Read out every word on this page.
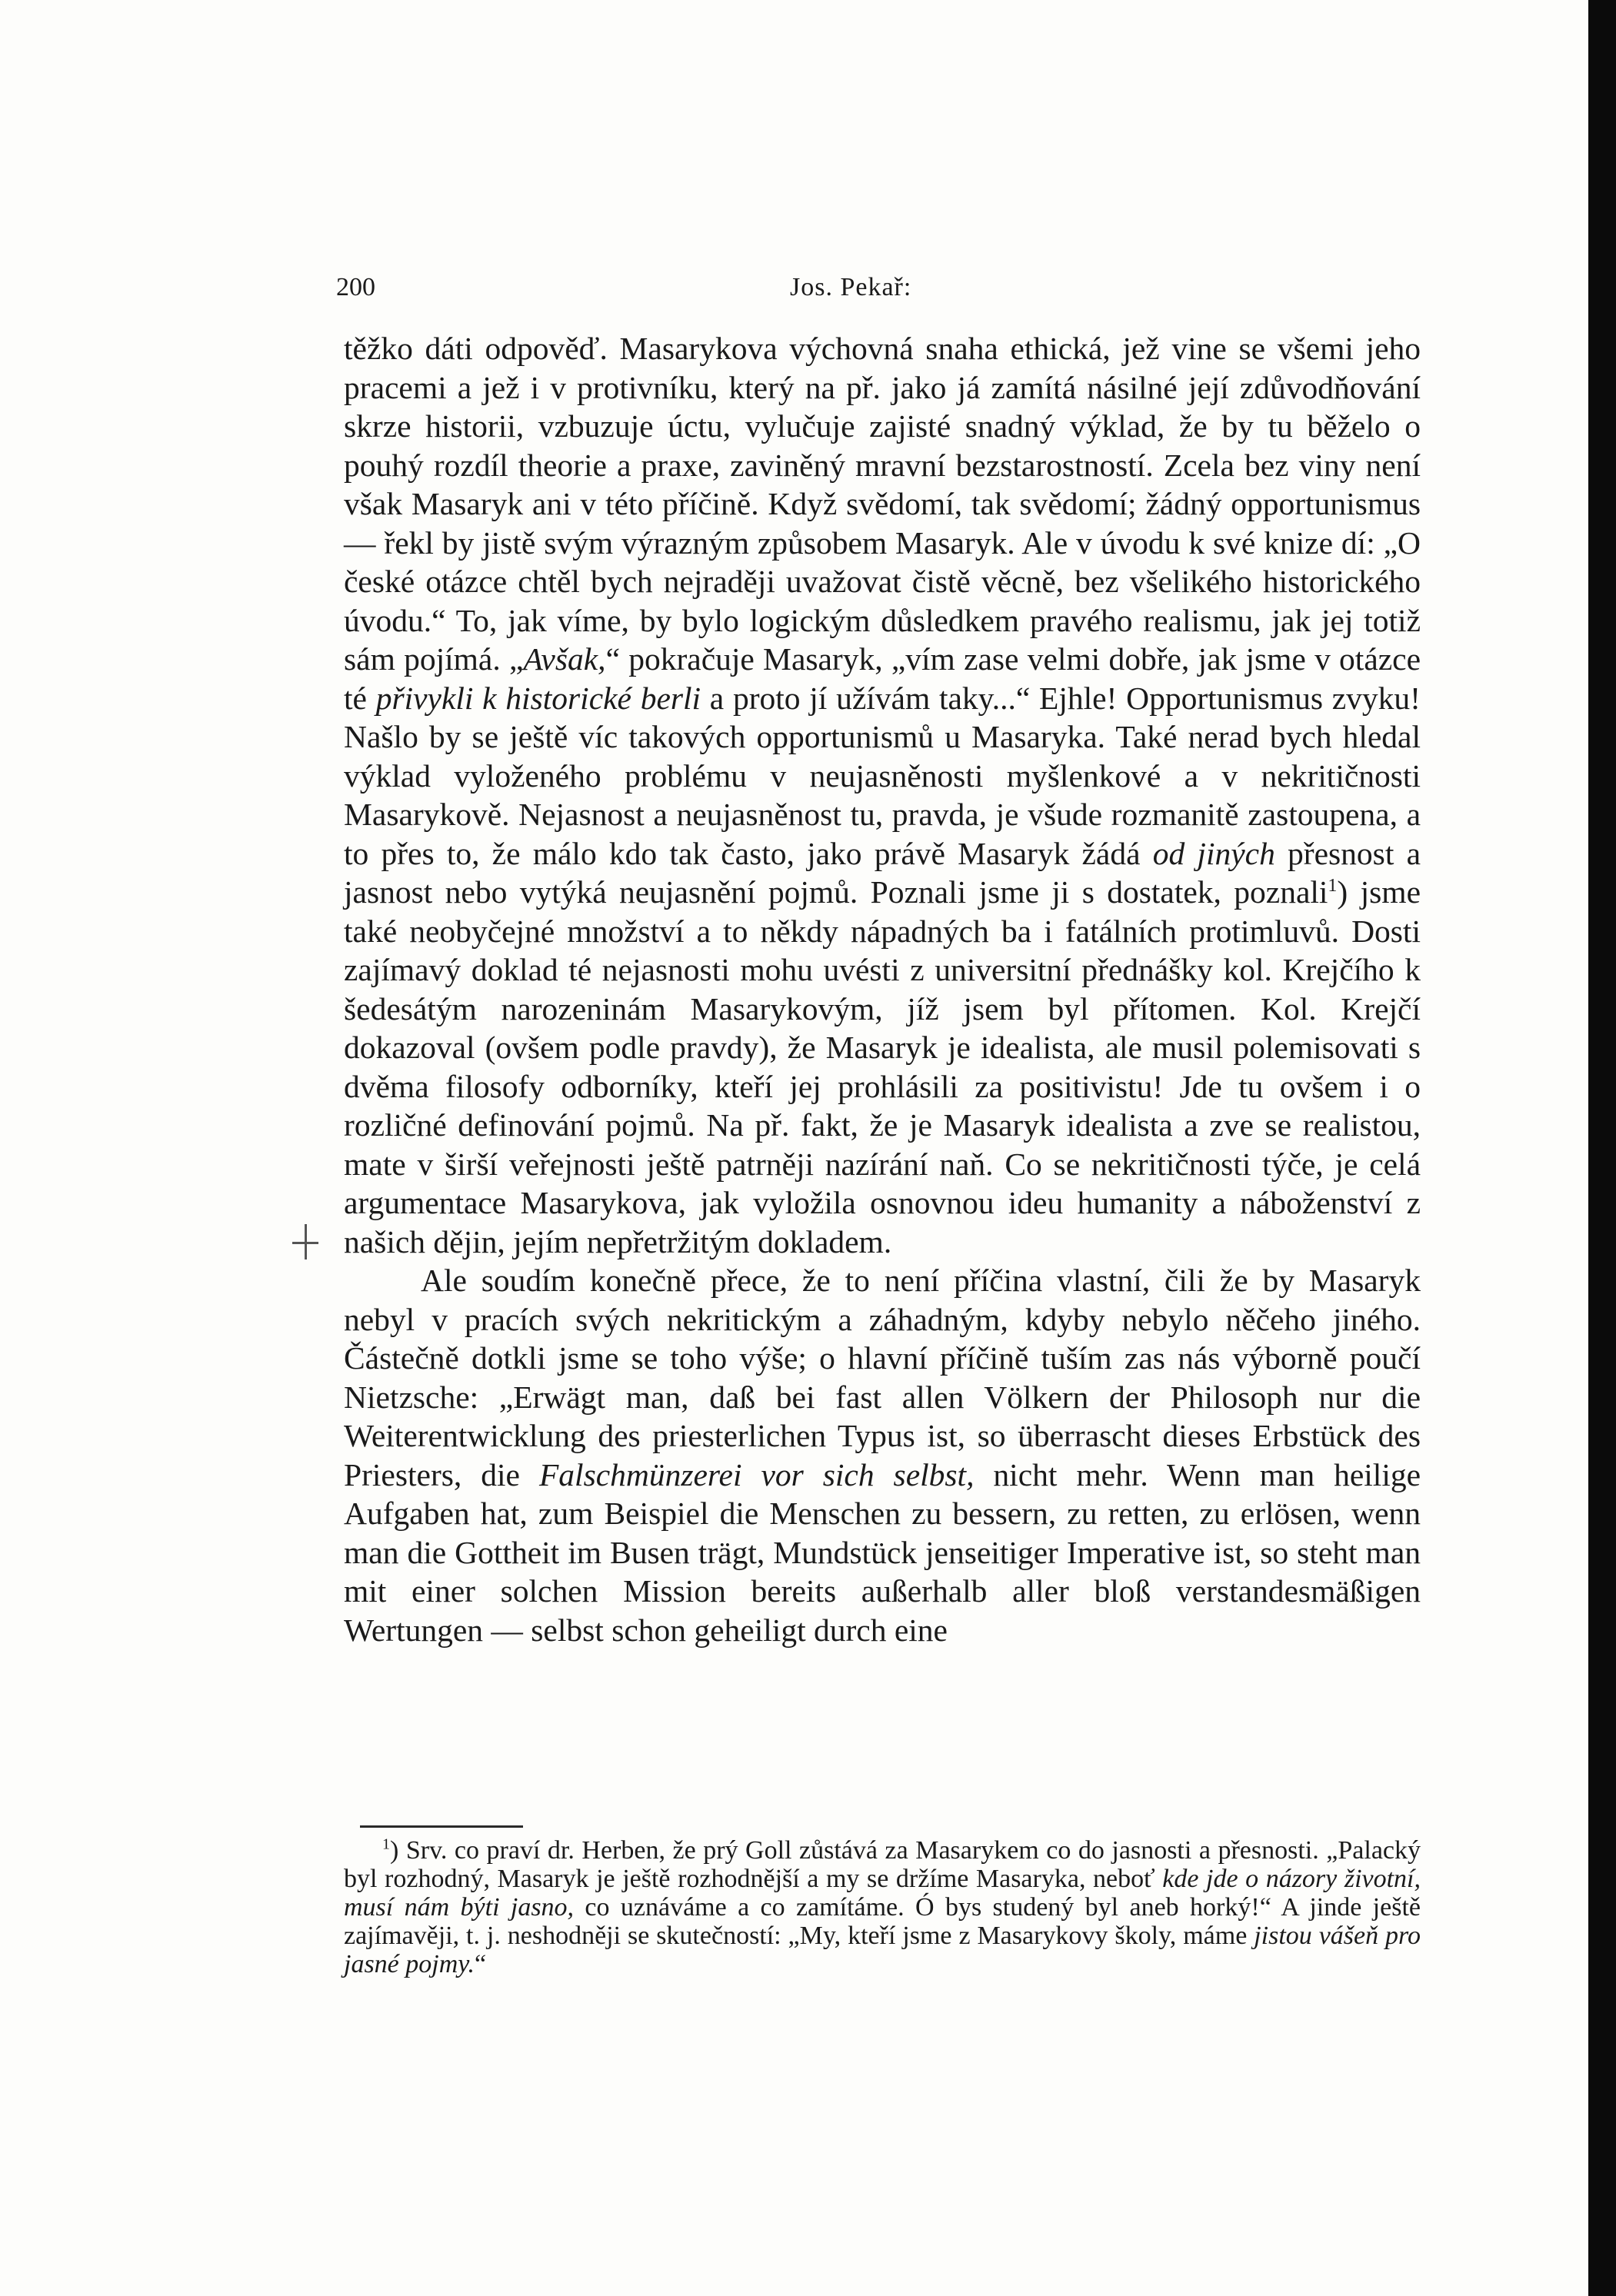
200	Jos. Pekař:

těžko dáti odpověď. Masarykova výchovná snaha ethická, jež vine se všemi jeho pracemi a jež i v protivníku, který na př. jako já zamítá násilné její zdůvodňování skrze historii, vzbuzuje úctu, vylučuje zajisté snadný výklad, že by tu běželo o pouhý rozdíl theorie a praxe, zaviněný mravní bezstarostností. Zcela bez viny není však Masaryk ani v této příčině. Když svědomí, tak svědomí; žádný opportunismus — řekl by jistě svým výrazným způsobem Masaryk. Ale v úvodu k své knize dí: „O české otázce chtěl bych nejraději uvažovat čistě věcně, bez všelikého historického úvodu.“ To, jak víme, by bylo logickým důsledkem pravého realismu, jak jej totiž sám pojímá. „Avšak,“ pokračuje Masaryk, „vím zase velmi dobře, jak jsme v otázce té přivykli k historické berli a proto jí užívám taky...“ Ejhle! Opportunismus zvyku! Našlo by se ještě víc takových opportunismů u Masaryka. Také nerad bych hledal výklad vyloženého problému v neujasněnosti myšlenkové a v nekritičnosti Masarykově. Nejasnost a neujasněnost tu, pravda, je všude rozmanitě zastoupena, a to přes to, že málo kdo tak často, jako právě Masaryk žádá od jiných přesnost a jasnost nebo vytýká neujasnění pojmů. Poznali jsme ji s dostatek, poznali$^1$) jsme také neobyčejné množství a to někdy nápadných ba i fatálních protimluvů. Dosti zajímavý doklad té nejasnosti mohu uvésti z universitní přednášky kol. Krejčího k šedesátým narozeninám Masarykovým, jíž jsem byl přítomen. Kol. Krejčí dokazoval (ovšem podle pravdy), že Masaryk je idealista, ale musil polemisovati s dvěma filosofy odborníky, kteří jej prohlásili za positivistu! Jde tu ovšem i o rozličné definování pojmů. Na př. fakt, že je Masaryk idealista a zve se realistou, mate v širší veřejnosti ještě patrněji nazírání naň. Co se nekritičnosti týče, je celá argumentace Masarykova, jak vyložila osnovnou ideu humanity a náboženství z našich dějin, jejím nepřetržitým dokladem.

Ale soudím konečně přece, že to není příčina vlastní, čili že by Masaryk nebyl v pracích svých nekritickým a záhadným, kdyby nebylo něčeho jiného. Částečně dotkli jsme se toho výše; o hlavní příčině tuším zas nás výborně poučí Nietzsche: „Erwägt man, daß bei fast allen Völkern der Philosoph nur die Weiterentwicklung des priesterlichen Typus ist, so überrascht dieses Erbstück des Priesters, die Falschmünzerei vor sich selbst, nicht mehr. Wenn man heilige Aufgaben hat, zum Beispiel die Menschen zu bessern, zu retten, zu erlösen, wenn man die Gottheit im Busen trägt, Mundstück jenseitiger Imperative ist, so steht man mit einer solchen Mission bereits außerhalb aller bloß verstandesmäßigen Wertungen — selbst schon geheiligt durch eine

$^1$) Srv. co praví dr. Herben, že prý Goll zůstává za Masarykem co do jasnosti a přesnosti. „Palacký byl rozhodný, Masaryk je ještě rozhodnější a my se držíme Masaryka, neboť kde jde o názory životní, musí nám býti jasno, co uznáváme a co zamítáme. Ó bys studený byl aneb horký!“ A jinde ještě zajímavěji, t. j. neshodněji se skutečností: „My, kteří jsme z Masarykovy školy, máme jistou vášeň pro jasné pojmy.“
